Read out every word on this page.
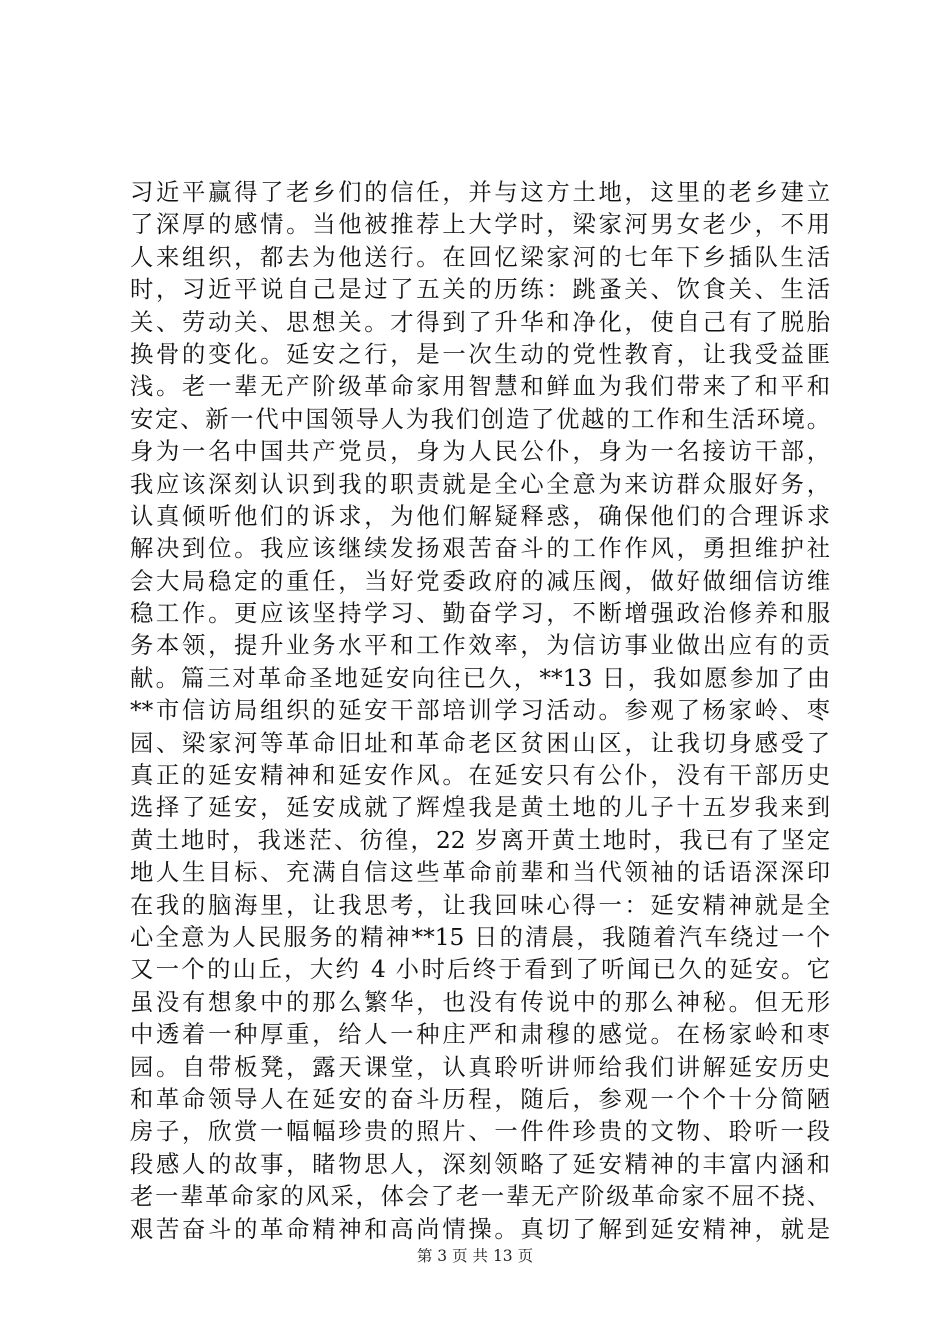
习近平赢得了老乡们的信任，并与这方土地，这里的老乡建立
了深厚的感情。当他被推荐上大学时，梁家河男女老少，不用
人来组织，都去为他送行。在回忆梁家河的七年下乡插队生活
时，习近平说自己是过了五关的历练：跳蚤关、饮食关、生活
关、劳动关、思想关。才得到了升华和净化，使自己有了脱胎
换骨的变化。延安之行，是一次生动的党性教育，让我受益匪
浅。老一辈无产阶级革命家用智慧和鲜血为我们带来了和平和
安定、新一代中国领导人为我们创造了优越的工作和生活环境。
身为一名中国共产党员，身为人民公仆，身为一名接访干部，
我应该深刻认识到我的职责就是全心全意为来访群众服好务，
认真倾听他们的诉求，为他们解疑释惑，确保他们的合理诉求
解决到位。我应该继续发扬艰苦奋斗的工作作风，勇担维护社
会大局稳定的重任，当好党委政府的减压阀，做好做细信访维
稳工作。更应该坚持学习、勤奋学习，不断增强政治修养和服
务本领，提升业务水平和工作效率，为信访事业做出应有的贡
献。篇三对革命圣地延安向往已久，**13 日，我如愿参加了由
**市信访局组织的延安干部培训学习活动。参观了杨家岭、枣
园、梁家河等革命旧址和革命老区贫困山区，让我切身感受了
真正的延安精神和延安作风。在延安只有公仆，没有干部历史
选择了延安，延安成就了辉煌我是黄土地的儿子十五岁我来到
黄土地时，我迷茫、彷徨，22 岁离开黄土地时，我已有了坚定
地人生目标、充满自信这些革命前辈和当代领袖的话语深深印
在我的脑海里，让我思考，让我回味心得一：延安精神就是全
心全意为人民服务的精神**15 日的清晨，我随着汽车绕过一个
又一个的山丘，大约 4 小时后终于看到了听闻已久的延安。它
虽没有想象中的那么繁华，也没有传说中的那么神秘。但无形
中透着一种厚重，给人一种庄严和肃穆的感觉。在杨家岭和枣
园。自带板凳，露天课堂，认真聆听讲师给我们讲解延安历史
和革命领导人在延安的奋斗历程，随后，参观一个个十分简陋
房子，欣赏一幅幅珍贵的照片、一件件珍贵的文物、聆听一段
段感人的故事，睹物思人，深刻领略了延安精神的丰富内涵和
老一辈革命家的风采，体会了老一辈无产阶级革命家不屈不挠、
艰苦奋斗的革命精神和高尚情操。真切了解到延安精神，就是
第 3 页 共 13 页
